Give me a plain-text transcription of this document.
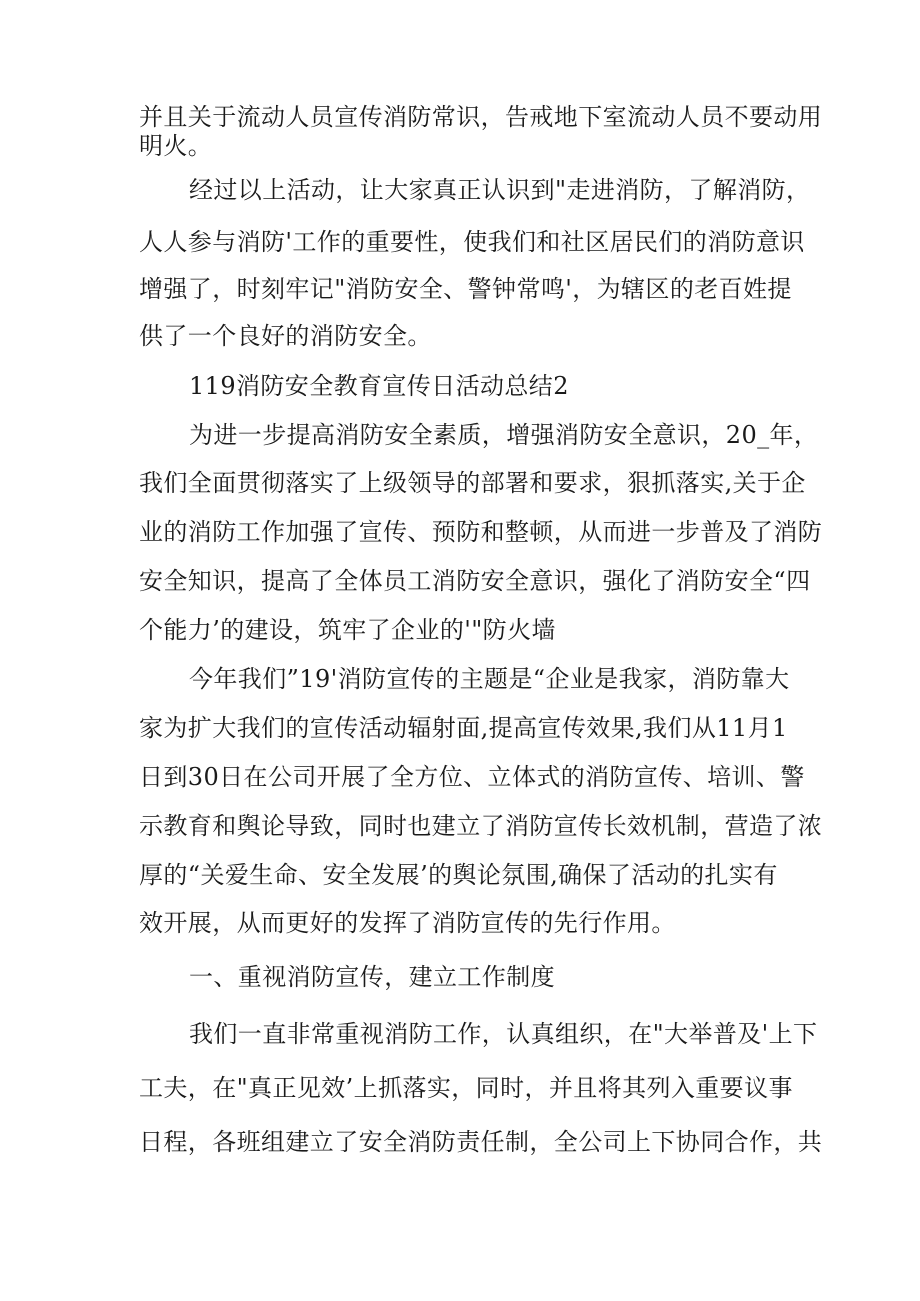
并且关于流动人员宣传消防常识，告戒地下室流动人员不要动用
明火。
经过以上活动，让大家真正认识到"走进消防，了解消防，
人人参与消防'工作的重要性，使我们和社区居民们的消防意识
增强了，时刻牢记"消防安全、警钟常鸣'，为辖区的老百姓提
供了一个良好的消防安全。
119消防安全教育宣传日活动总结2
为进一步提高消防安全素质，增强消防安全意识，20_年，
我们全面贯彻落实了上级领导的部署和要求，狠抓落实,关于企
业的消防工作加强了宣传、预防和整顿，从而进一步普及了消防
安全知识，提高了全体员工消防安全意识，强化了消防安全“四
个能力’的建设，筑牢了企业的'"防火墙
今年我们”19'消防宣传的主题是“企业是我家，消防靠大
家为扩大我们的宣传活动辐射面,提高宣传效果,我们从11月1
日到30日在公司开展了全方位、立体式的消防宣传、培训、警
示教育和舆论导致，同时也建立了消防宣传长效机制，营造了浓
厚的“关爱生命、安全发展’的舆论氛围,确保了活动的扎实有
效开展，从而更好的发挥了消防宣传的先行作用。
一、重视消防宣传，建立工作制度
我们一直非常重视消防工作，认真组织，在"大举普及'上下
工夫，在"真正见效’上抓落实，同时，并且将其列入重要议事
日程，各班组建立了安全消防责任制，全公司上下协同合作，共
